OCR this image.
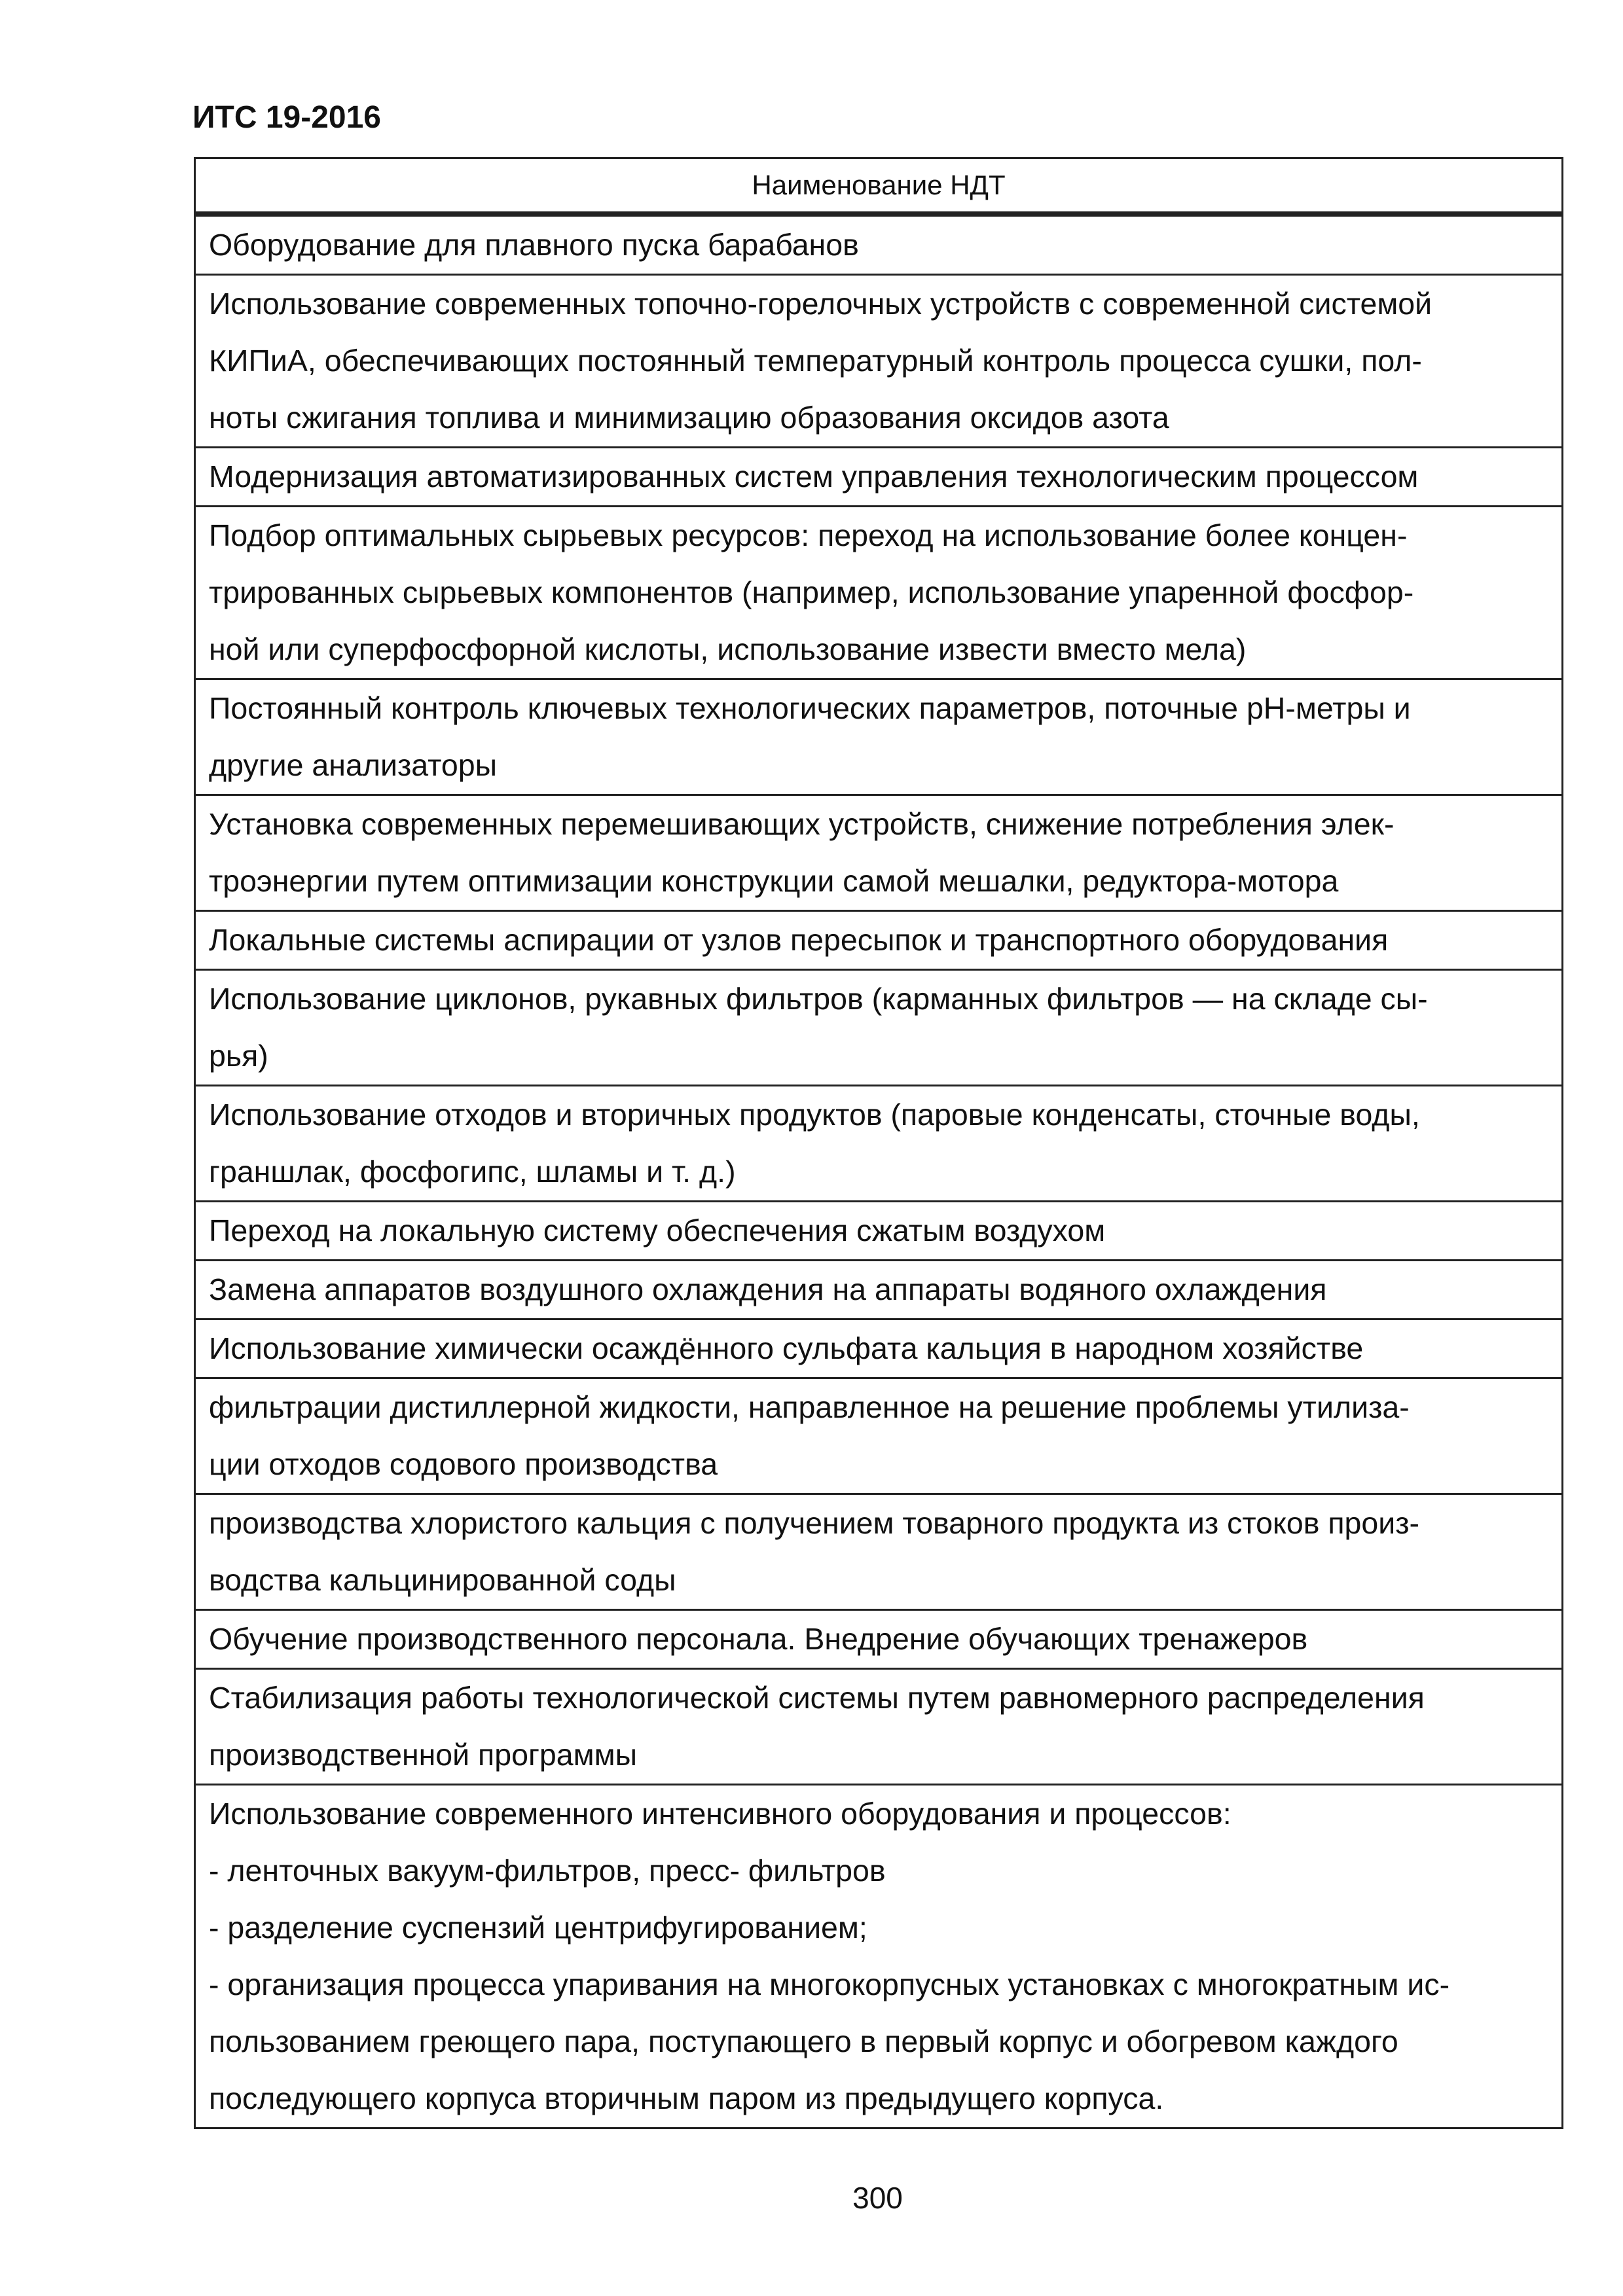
ИТС 19-2016
Наименование НДТ

Оборудование для плавного пуска барабанов

Использование современных топочно-горелочных устройств с современной системой
КИПиА, обеспечивающих постоянный температурный контроль процесса сушки, пол-
ноты сжигания топлива и минимизацию образования оксидов азота

Модернизация автоматизированных систем управления технологическим процессом

Подбор оптимальных сырьевых ресурсов: переход на использование более концен-
трированных сырьевых компонентов (например, использование упаренной фосфор-
ной или суперфосфорной кислоты, использование извести вместо мела)

Постоянный контроль ключевых технологических параметров, поточные pH-метры и
другие анализаторы

Установка современных перемешивающих устройств, снижение потребления элек-
троэнергии путем оптимизации конструкции самой мешалки, редуктора-мотора

Локальные системы аспирации от узлов пересыпок и транспортного оборудования

Использование циклонов, рукавных фильтров (карманных фильтров — на складе сы-
рья)

Использование отходов и вторичных продуктов (паровые конденсаты, сточные воды,
граншлак, фосфогипс, шламы и т. д.)

Переход на локальную систему обеспечения сжатым воздухом

Замена аппаратов воздушного охлаждения на аппараты водяного охлаждения

Использование химически осаждённого сульфата кальция в народном хозяйстве

фильтрации дистиллерной жидкости, направленное на решение проблемы утилиза-
ции отходов содового производства

производства хлористого кальция с получением товарного продукта из стоков произ-
водства кальцинированной соды

Обучение производственного персонала. Внедрение обучающих тренажеров

Стабилизация работы технологической системы путем равномерного распределения
производственной программы

Использование современного интенсивного оборудования и процессов:
- ленточных вакуум-фильтров, пресс- фильтров
- разделение суспензий центрифугированием;
- организация процесса упаривания на многокорпусных установках с многократным ис-
пользованием греющего пара, поступающего в первый корпус и обогревом каждого
последующего корпуса вторичным паром из предыдущего корпуса.
300
